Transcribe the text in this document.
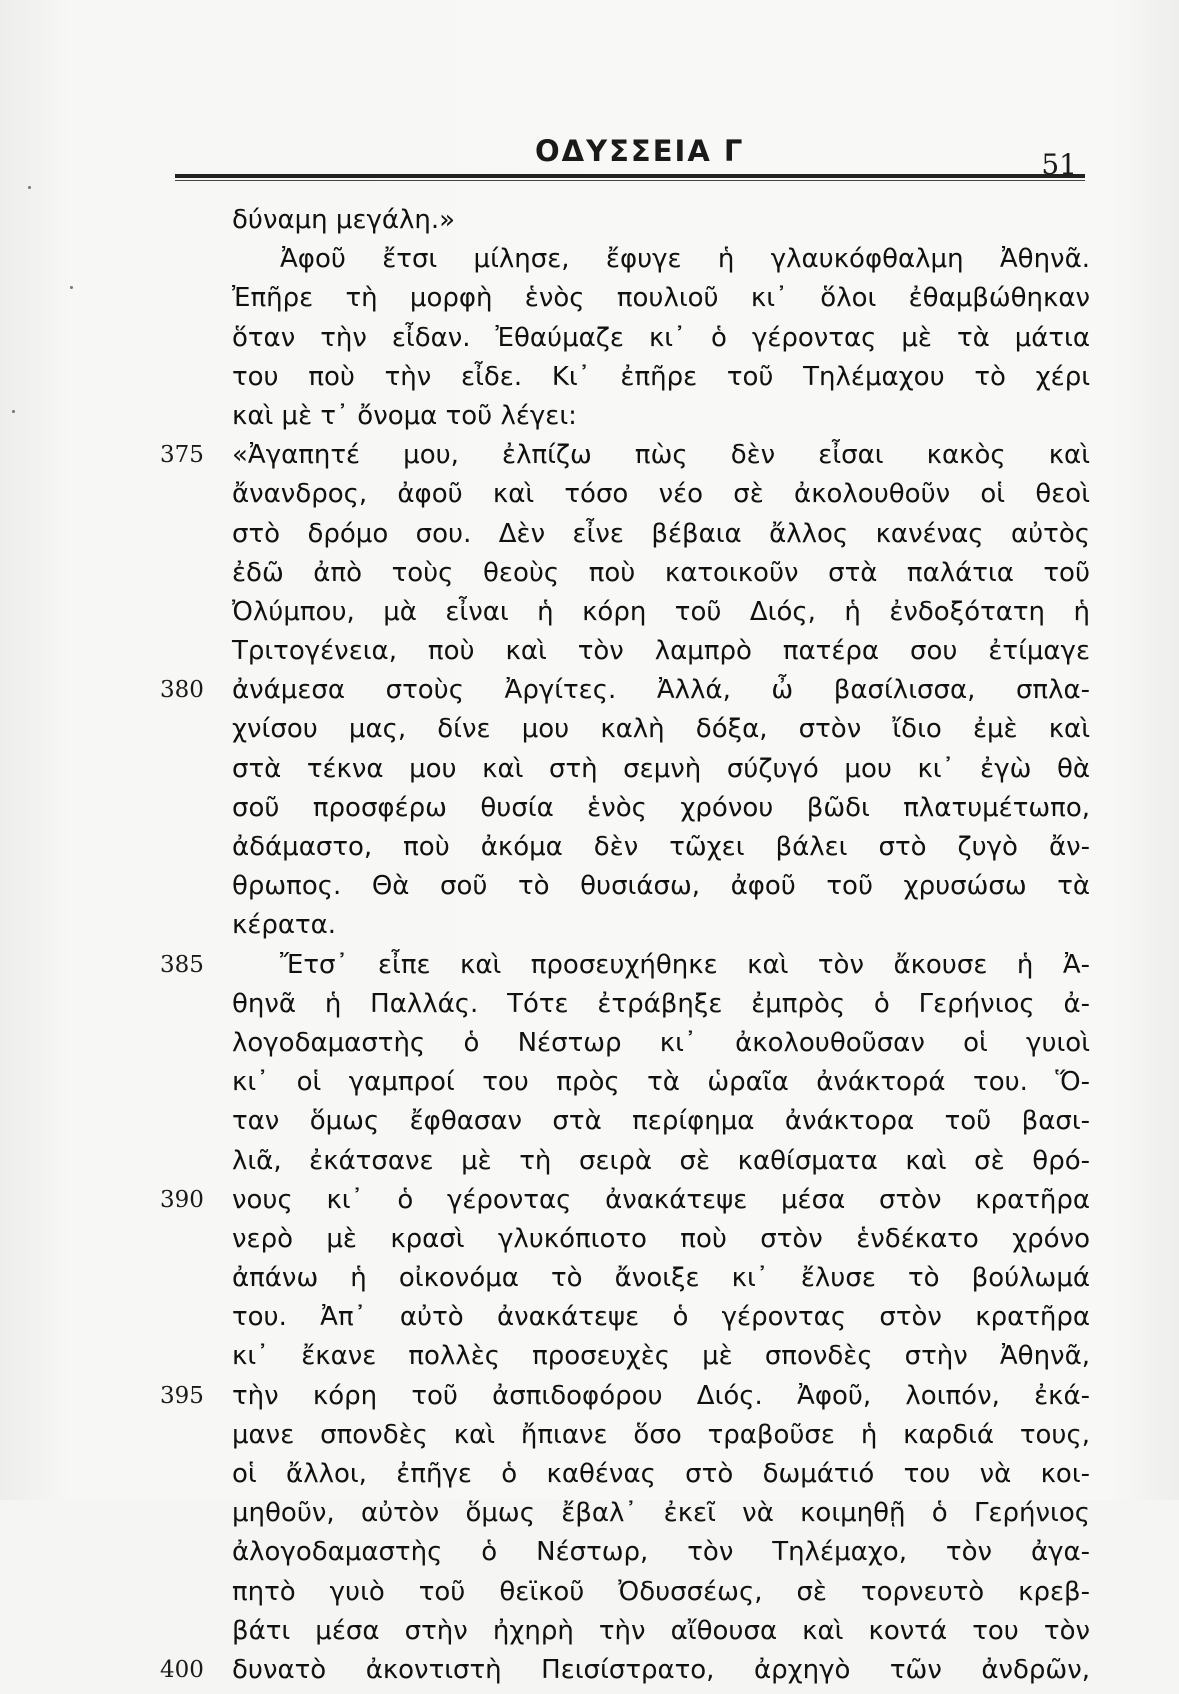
ΟΔΥΣΣΕΙΑ Γ	51
δύναμη μεγάλη.»
Ἀφοῦ ἔτσι μίλησε, ἔφυγε ἡ γλαυκόφθαλμη Ἀθηνᾶ.
Ἐπῆρε τὴ μορφὴ ἑνὸς πουλιοῦ κι᾽ ὅλοι ἐθαμβώθηκαν
ὅταν τὴν εἶδαν. Ἐθαύμαζε κι᾽ ὁ γέροντας μὲ τὰ μάτια
του ποὺ τὴν εἶδε. Κι᾽ ἐπῆρε τοῦ Τηλέμαχου τὸ χέρι
καὶ μὲ τ᾽ ὄνομα τοῦ λέγει:
375	«Ἀγαπητέ μου, ἐλπίζω πὼς δὲν εἶσαι κακὸς καὶ
ἄνανδρος, ἀφοῦ καὶ τόσο νέο σὲ ἀκολουθοῦν οἱ θεοὶ
στὸ δρόμο σου. Δὲν εἶνε βέβαια ἄλλος κανένας αὐτὸς
ἐδῶ ἀπὸ τοὺς θεοὺς ποὺ κατοικοῦν στὰ παλάτια τοῦ
Ὀλύμπου, μὰ εἶναι ἡ κόρη τοῦ Διός, ἡ ἐνδοξότατη ἡ
Τριτογένεια, ποὺ καὶ τὸν λαμπρὸ πατέρα σου ἐτίμαγε
380	ἀνάμεσα στοὺς Ἀργίτες. Ἀλλά, ὦ βασίλισσα, σπλα-
χνίσου μας, δίνε μου καλὴ δόξα, στὸν ἴδιο ἐμὲ καὶ
στὰ τέκνα μου καὶ στὴ σεμνὴ σύζυγό μου κι᾽ ἐγὼ θὰ
σοῦ προσφέρω θυσία ἑνὸς χρόνου βῶδι πλατυμέτωπο,
ἀδάμαστο, ποὺ ἀκόμα δὲν τῶχει βάλει στὸ ζυγὸ ἄν-
θρωπος. Θὰ σοῦ τὸ θυσιάσω, ἀφοῦ τοῦ χρυσώσω τὰ
κέρατα.
385	Ἔτσ᾽ εἶπε καὶ προσευχήθηκε καὶ τὸν ἄκουσε ἡ Ἀ-
θηνᾶ ἡ Παλλάς. Τότε ἐτράβηξε ἐμπρὸς ὁ Γερήνιος ἀ-
λογοδαμαστὴς ὁ Νέστωρ κι᾽ ἀκολουθοῦσαν οἱ γυιοὶ
κι᾽ οἱ γαμπροί του πρὸς τὰ ὡραῖα ἀνάκτορά του. Ὅ-
ταν ὅμως ἔφθασαν στὰ περίφημα ἀνάκτορα τοῦ βασι-
λιᾶ, ἐκάτσανε μὲ τὴ σειρὰ σὲ καθίσματα καὶ σὲ θρό-
390	νους κι᾽ ὁ γέροντας ἀνακάτεψε μέσα στὸν κρατῆρα
νερὸ μὲ κρασὶ γλυκόπιοτο ποὺ στὸν ἑνδέκατο χρόνο
ἀπάνω ἡ οἰκονόμα τὸ ἄνοιξε κι᾽ ἔλυσε τὸ βούλωμά
του. Ἀπ᾽ αὐτὸ ἀνακάτεψε ὁ γέροντας στὸν κρατῆρα
κι᾽ ἔκανε πολλὲς προσευχὲς μὲ σπονδὲς στὴν Ἀθηνᾶ,
395	τὴν κόρη τοῦ ἀσπιδοφόρου Διός. Ἀφοῦ, λοιπόν, ἐκά-
μανε σπονδὲς καὶ ἤπιανε ὅσο τραβοῦσε ἡ καρδιά τους,
οἱ ἄλλοι, ἐπῆγε ὁ καθένας στὸ δωμάτιό του νὰ κοι-
μηθοῦν, αὐτὸν ὅμως ἔβαλ᾽ ἐκεῖ νὰ κοιμηθῇ ὁ Γερήνιος
ἀλογοδαμαστὴς ὁ Νέστωρ, τὸν Τηλέμαχο, τὸν ἀγα-
πητὸ γυιὸ τοῦ θεϊκοῦ Ὀδυσσέως, σὲ τορνευτὸ κρεβ-
βάτι μέσα στὴν ἠχηρὴ τὴν αἴθουσα καὶ κοντά του τὸν
400	δυνατὸ ἀκοντιστὴ Πεισίστρατο, ἀρχηγὸ τῶν ἀνδρῶν,
